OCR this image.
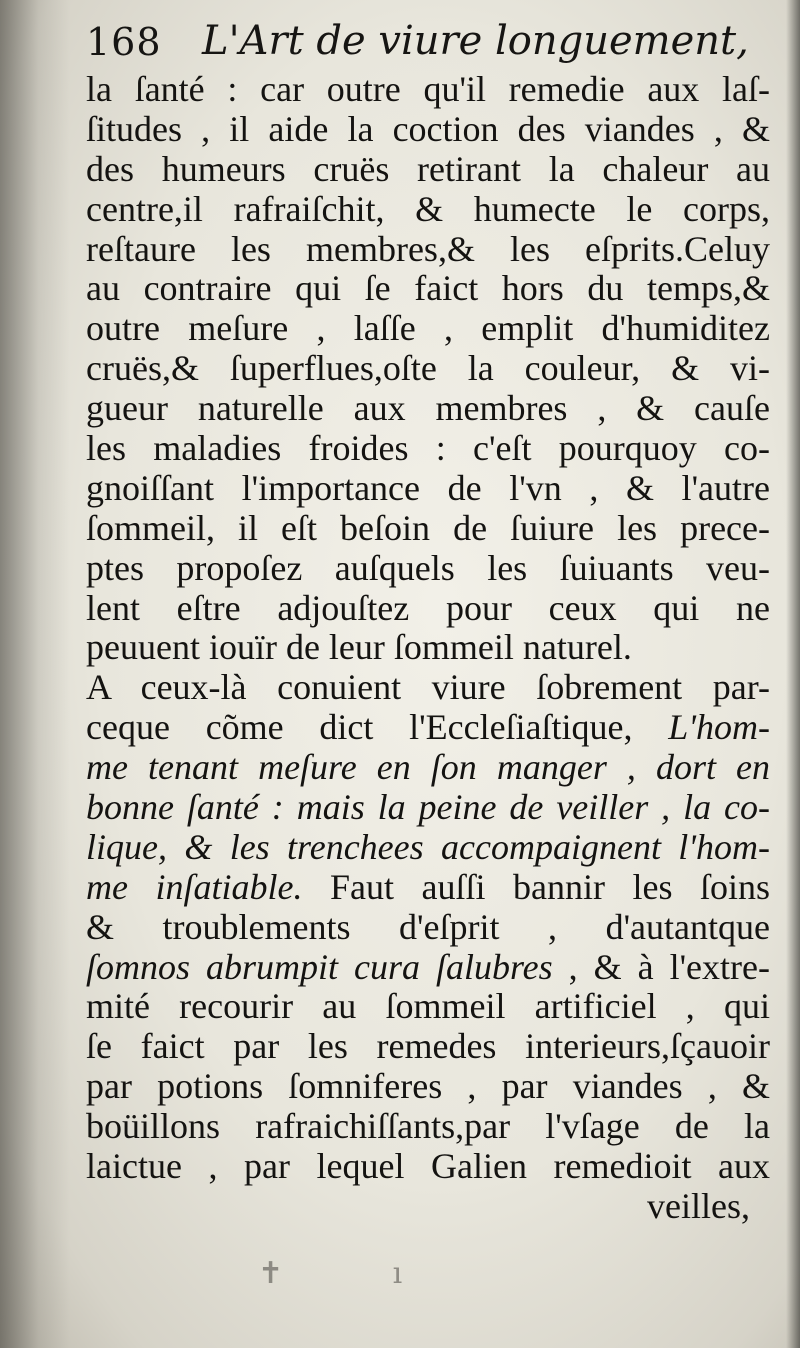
168 L'Art de viure longuement,
la ſanté : car outre qu'il remedie aux laſ-
ſitudes , il aide la coction des viandes , &
des humeurs cruës retirant la chaleur au
centre,il rafraiſchit, & humecte le corps,
reſtaure les membres,& les eſprits.Celuy
au contraire qui ſe faict hors du temps,&
outre meſure , laſſe , emplit d'humiditez
cruës,& ſuperflues,oſte la couleur, & vi-
gueur naturelle aux membres , & cauſe
les maladies froides : c'eſt pourquoy co-
gnoiſſant l'importance de l'vn , & l'autre
ſommeil, il eſt beſoin de ſuiure les prece-
ptes propoſez auſquels les ſuiuants veu-
lent eſtre adjouſtez pour ceux qui ne
peuuent iouïr de leur ſommeil naturel.
A ceux-là conuient viure ſobrement par-
ceque cõme dict l'Eccleſiaſtique, L'hom-
me tenant meſure en ſon manger , dort en
bonne ſanté : mais la peine de veiller , la co-
lique, & les trenchees accompaignent l'hom-
me inſatiable. Faut auſſi bannir les ſoins
& troublements d'eſprit , d'autantque
ſomnos abrumpit cura ſalubres , & à l'extre-
mité recourir au ſommeil artificiel , qui
ſe faict par les remedes interieurs,ſçauoir
par potions ſomniferes , par viandes , &
boüillons rafraichiſſants,par l'vſage de la
laictue , par lequel Galien remedioit aux
veilles,
✝ ı
